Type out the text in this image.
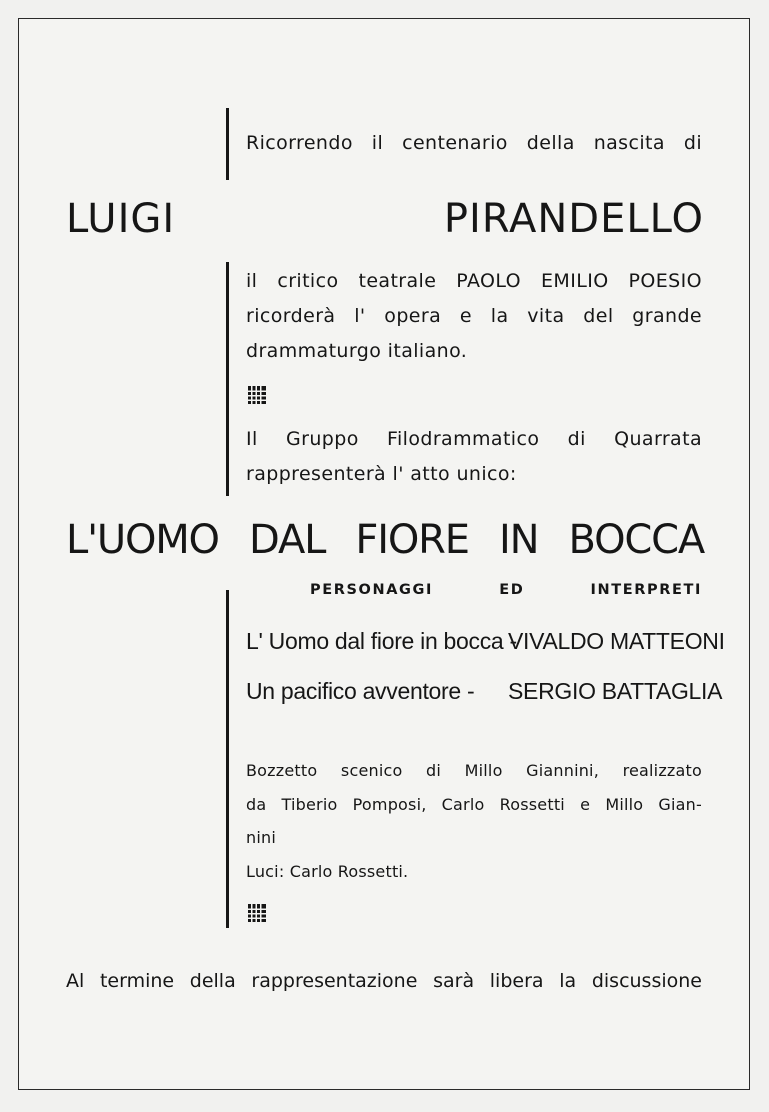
Ricorrendo il centenario della nascita di
LUIGI PIRANDELLO
il critico teatrale PAOLO EMILIO POESIO
ricorderà l' opera e la vita del grande
drammaturgo italiano.
Il Gruppo Filodrammatico di Quarrata
rappresenterà l' atto unico:
L'UOMO DAL FIORE IN BOCCA
PERSONAGGI ED INTERPRETI
L' Uomo dal fiore in bocca -
VIVALDO MATTEONI
Un pacifico avventore - SERGIO BATTAGLIA
Bozzetto scenico di Millo Giannini, realizzato
da Tiberio Pomposi, Carlo Rossetti e Millo Gian-
nini
Luci: Carlo Rossetti.
Al termine della rappresentazione sarà libera la discussione
